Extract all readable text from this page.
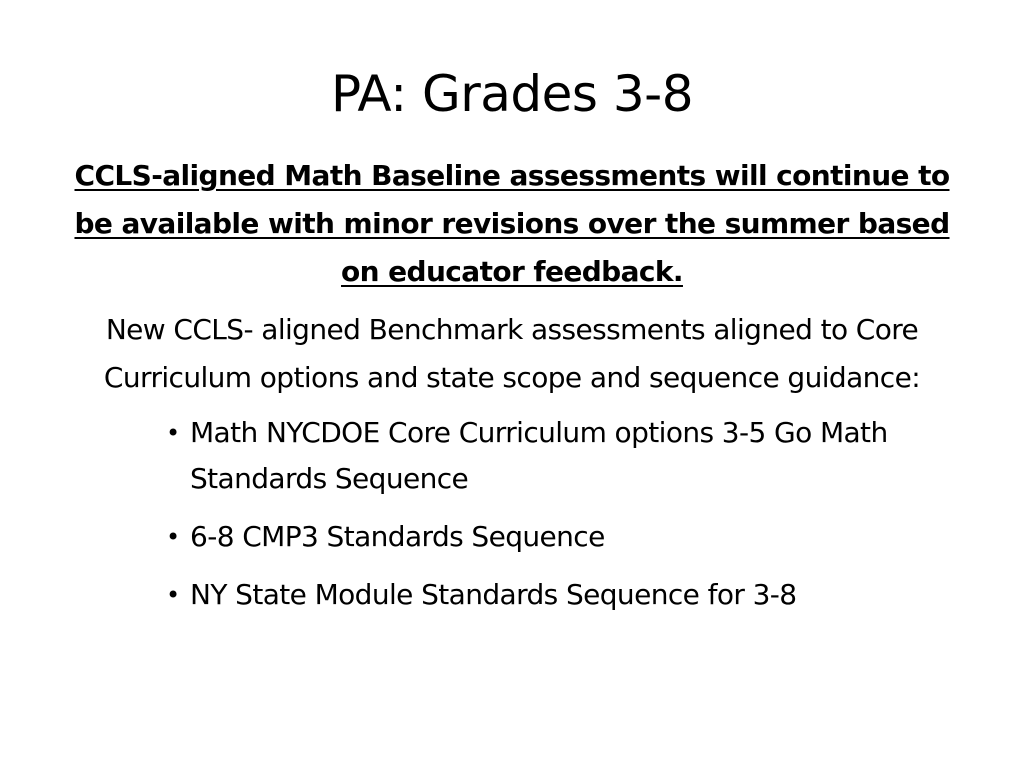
PA: Grades 3-8

CCLS-aligned Math Baseline assessments will continue to be available with minor revisions over the summer based on educator feedback.

New CCLS- aligned Benchmark assessments aligned to Core Curriculum options and state scope and sequence guidance:

• Math NYCDOE Core Curriculum options 3-5 Go Math Standards Sequence
• 6-8 CMP3 Standards Sequence
• NY State Module Standards Sequence for 3-8
